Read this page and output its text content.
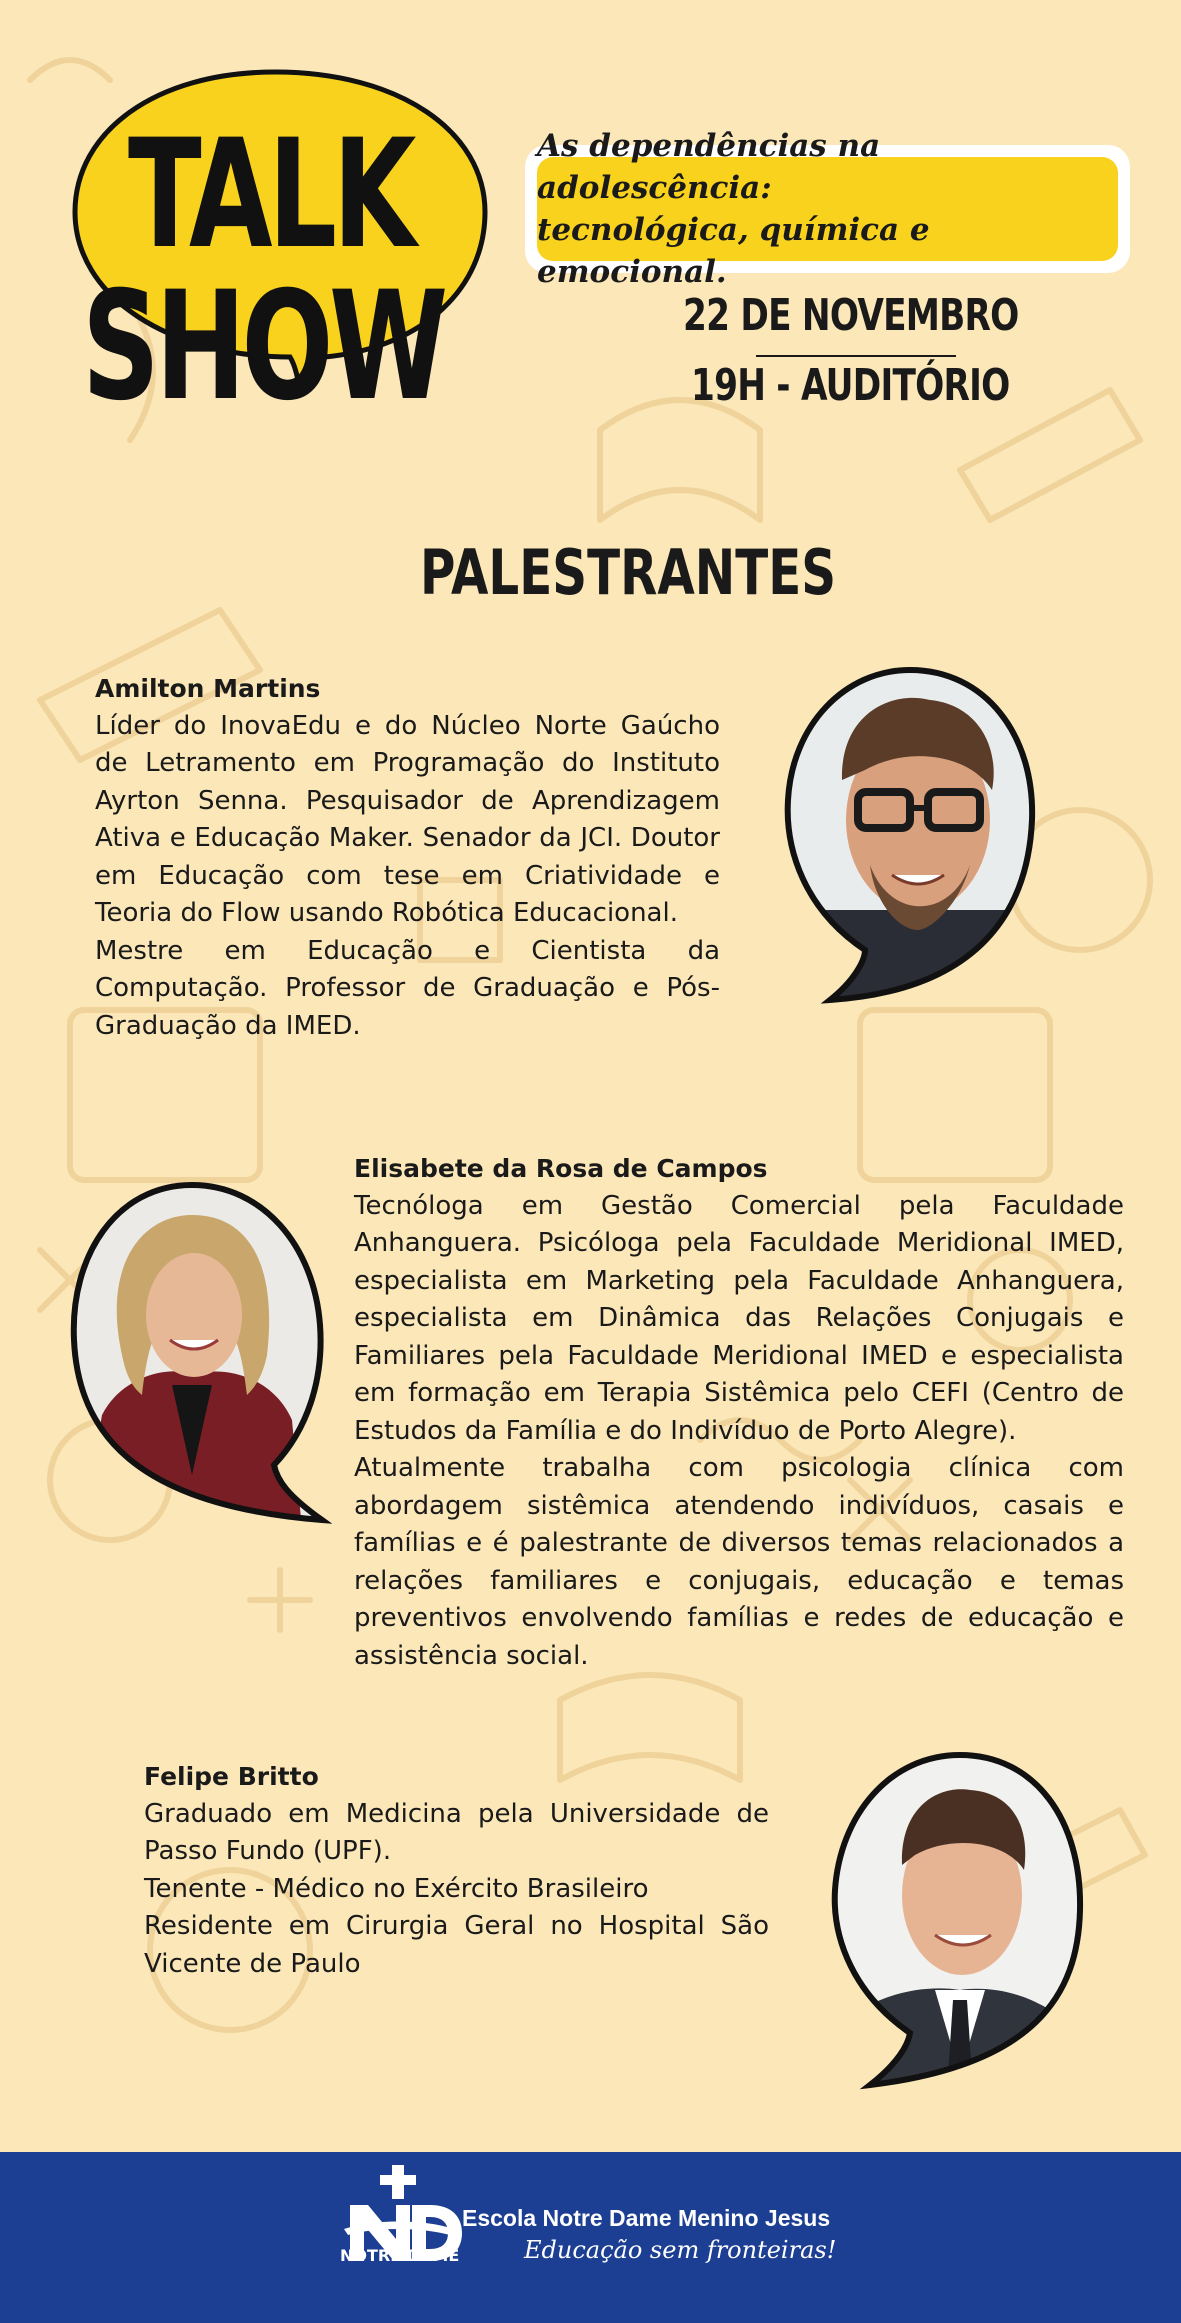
TALK
SHOW
As dependências na adolescência:
tecnológica, química e emocional.
22 DE NOVEMBRO
19H - AUDITÓRIO
PALESTRANTES
Amilton Martins

Líder do InovaEdu e do Núcleo Norte Gaúcho de Letramento em Programação do Instituto Ayrton Senna. Pesquisador de Aprendizagem Ativa e Educação Maker. Senador da JCI. Doutor em Educação com tese em Criatividade e Teoria do Flow usando Robótica Educacional.

Mestre em Educação e Cientista da Computação. Professor de Graduação e Pós-Graduação da IMED.

Elisabete da Rosa de Campos

Tecnóloga em Gestão Comercial pela Faculdade Anhanguera. Psicóloga pela Faculdade Meridional IMED, especialista em Marketing pela Faculdade Anhanguera, especialista em Dinâmica das Relações Conjugais e Familiares pela Faculdade Meridional IMED e especialista em formação em Terapia Sistêmica pelo CEFI (Centro de Estudos da Família e do Indivíduo de Porto Alegre).

Atualmente trabalha com psicologia clínica com abordagem sistêmica atendendo indivíduos, casais e famílias e é palestrante de diversos temas relacionados a relações familiares e conjugais, educação e temas preventivos envolvendo famílias e redes de educação e assistência social.

Felipe Britto

Graduado em Medicina pela Universidade de Passo Fundo (UPF).

Tenente - Médico no Exército Brasileiro

Residente em Cirurgia Geral no Hospital São Vicente de Paulo

NOTRE DAME
Escola Notre Dame Menino Jesus
Educação sem fronteiras!
